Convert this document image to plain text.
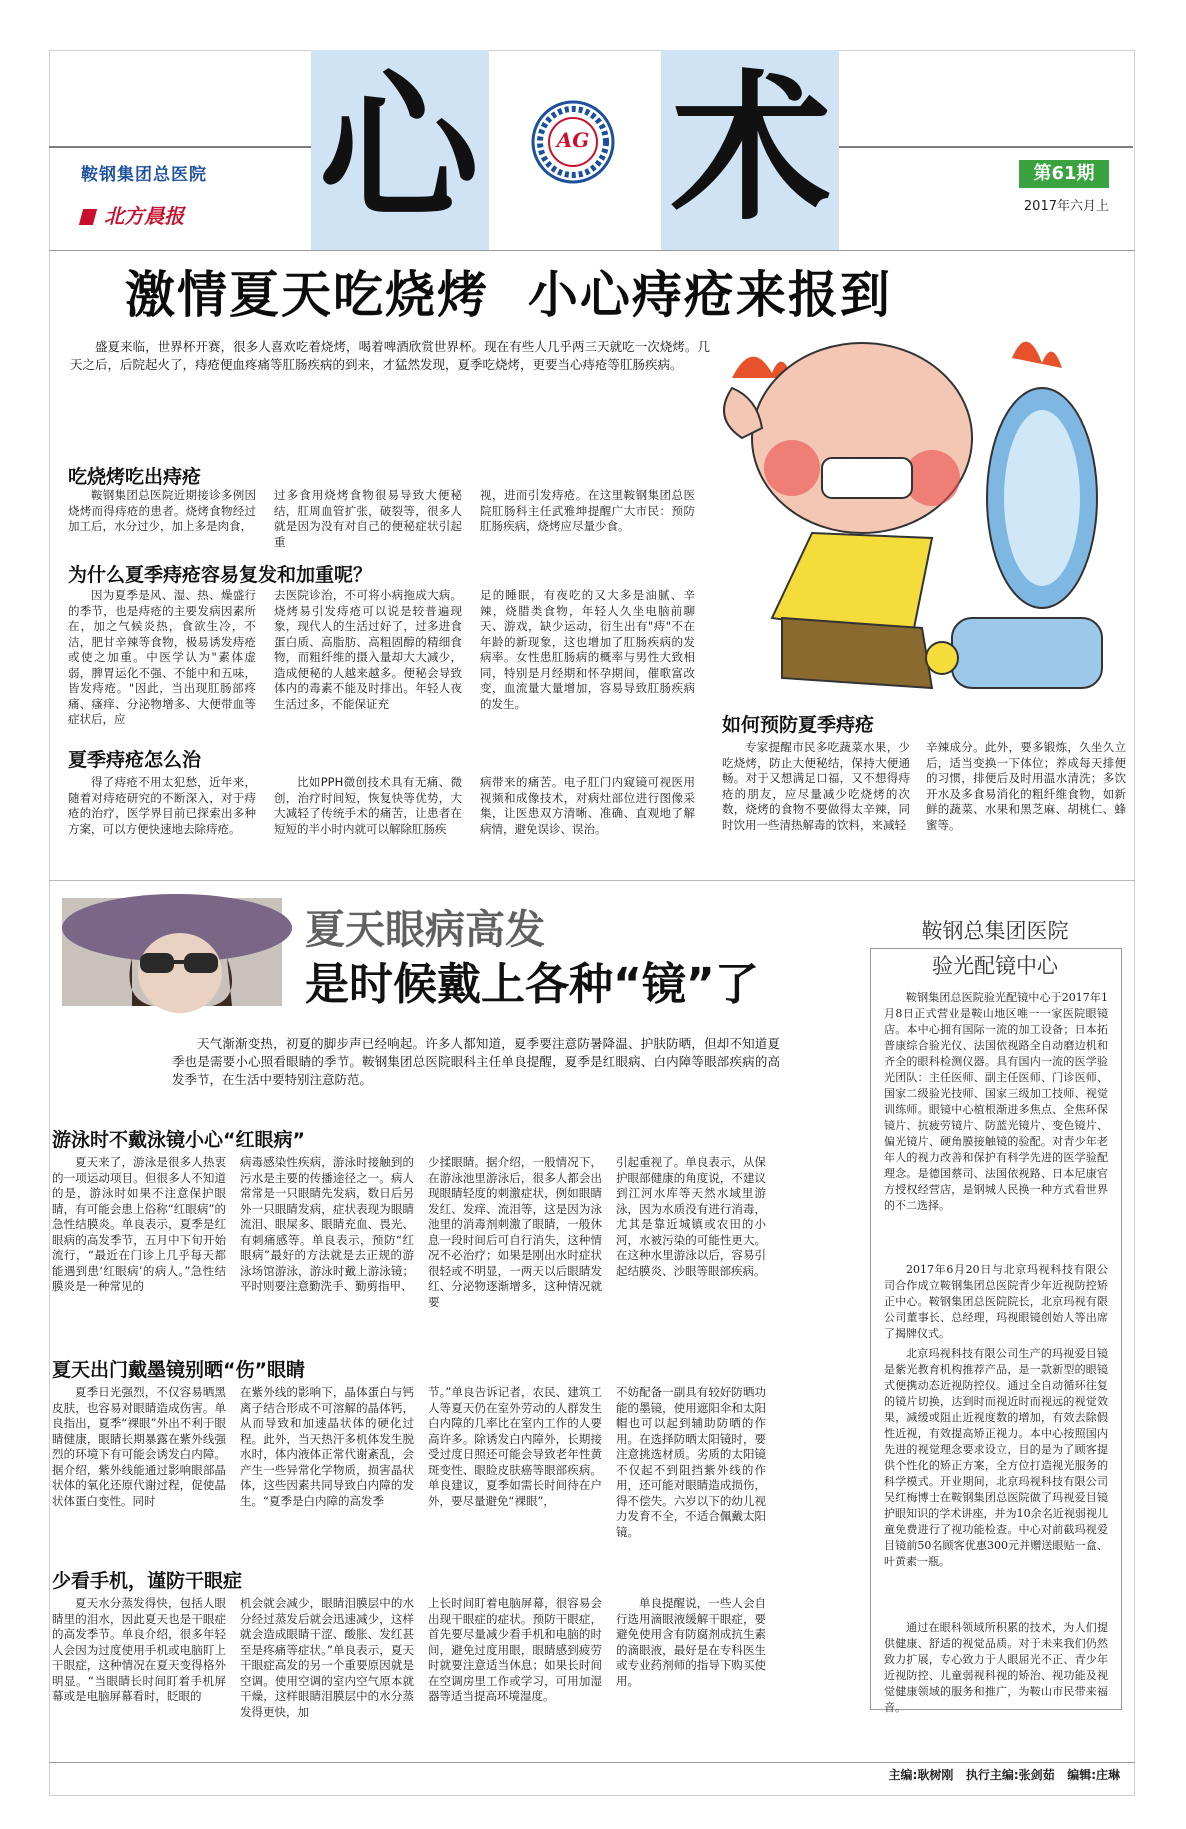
鞍钢集团总医院
北方晨报 心 术
AG
第61期
2017年六月上
激情夏天吃烧烤  小心痔疮来报到
盛夏来临，世界杯开赛，很多人喜欢吃着烧烤，喝着啤酒欣赏世界杯。现在有些人几乎两三天就吃一次烧烤。几天之后，后院起火了，痔疮便血疼痛等肛肠疾病的到来，才猛然发现，夏季吃烧烤，更要当心痔疮等肛肠疾病。
吃烧烤吃出痔疮
鞍钢集团总医院近期接诊多例因烧烤而得痔疮的患者。烧烤食物经过加工后，水分过少，加上多是肉食，
过多食用烧烤食物很易导致大便秘结，肛周血管扩张，破裂等，很多人就是因为没有对自己的便秘症状引起重
视，进而引发痔疮。在这里鞍钢集团总医院肛肠科主任武雅坤提醒广大市民：预防肛肠疾病，烧烤应尽量少食。
为什么夏季痔疮容易复发和加重呢？
因为夏季是风、湿、热、燥盛行的季节，也是痔疮的主要发病因素所在，加之气候炎热，食欲生冷，不洁，肥甘辛辣等食物，极易诱发痔疮或使之加重。中医学认为"素体虚弱，脾胃运化不强、不能中和五味，皆发痔疮。"因此，当出现肛肠部疼痛、瘙痒、分泌物增多、大便带血等症状后，应
去医院诊治，不可将小病拖成大病。烧烤易引发痔疮可以说是较普遍现象，现代人的生活过好了，过多进食蛋白质、高脂肪、高粗固醇的精细食物，而粗纤维的摄入量却大大减少，造成便秘的人越来越多。便秘会导致体内的毒素不能及时排出。年轻人夜生活过多，不能保证充
足的睡眠，有夜吃的又大多是油腻、辛辣，烧腊类食物，年轻人久坐电脑前聊天、游戏，缺少运动，衍生出有"痔"不在年龄的新现象，这也增加了肛肠疾病的发病率。女性患肛肠病的概率与男性大致相同，特别是月经期和怀孕期间，催歌富改变，血流量大量增加，容易导致肛肠疾病的发生。
如何预防夏季痔疮
专家提醒市民多吃蔬菜水果，少吃烧烤，防止大便秘结，保持大便通畅。对于又想满足口福，又不想得痔疮的朋友，应尽量减少吃烧烤的次数，烧烤的食物不要做得太辛辣，同时饮用一些清热解毒的饮料，来减轻
辛辣成分。此外，要多锻炼，久坐久立后，适当变换一下体位；养成每天排便的习惯，排便后及时用温水清洗；多饮开水及多食易消化的粗纤维食物，如新鲜的蔬菜、水果和黑芝麻、胡桃仁、蜂蜜等。
夏季痔疮怎么治
得了痔疮不用太犯愁，近年来，随着对痔疮研究的不断深入，对于痔疮的治疗，医学界目前已探索出多种方案，可以方便快速地去除痔疮。
比如PPH微创技术具有无痛、微创，治疗时间短，恢复快等优势，大大减轻了传统手术的痛苦，让患者在短短的半小时内就可以解除肛肠疾
病带来的痛苦。电子肛门内窥镜可视医用视频和成像技术，对病灶部位进行图像采集，让医患双方清晰、准确、直观地了解病情，避免误诊、误治。
夏天眼病高发
是时候戴上各种“镜”了
天气渐渐变热，初夏的脚步声已经响起。许多人都知道，夏季要注意防暑降温、护肤防晒，但却不知道夏季也是需要小心照看眼睛的季节。鞍钢集团总医院眼科主任单良提醒，夏季是红眼病、白内障等眼部疾病的高发季节，在生活中要特别注意防范。
游泳时不戴泳镜小心“红眼病”
夏天来了，游泳是很多人热衷的一项运动项目。但很多人不知道的是，游泳时如果不注意保护眼睛，有可能会患上俗称“红眼病”的急性结膜炎。单良表示，夏季是红眼病的高发季节，五月中下旬开始流行，“最近在门诊上几乎每天都能遇到患‘红眼病’的病人。”急性结膜炎是一种常见的
病毒感染性疾病，游泳时接触到的污水是主要的传播途径之一。病人常常是一只眼睛先发病，数日后另外一只眼睛发病，症状表现为眼睛流泪、眼屎多、眼睛充血、畏光、有刺痛感等。单良表示，预防“红眼病”最好的方法就是去正规的游泳场馆游泳，游泳时戴上游泳镜；平时则要注意勤洗手、勤剪指甲、
少揉眼睛。据介绍，一般情况下，在游泳池里游泳后，很多人都会出现眼睛轻度的刺激症状，例如眼睛发红、发痒、流泪等，这是因为泳池里的消毒剂刺激了眼睛，一般休息一段时间后可自行消失，这种情况不必治疗；如果是刚出水时症状很轻或不明显，一两天以后眼睛发红、分泌物逐渐增多，这种情况就要
引起重视了。单良表示，从保护眼部健康的角度说，不建议到江河水库等天然水域里游泳，因为水质没有进行消毒，尤其是靠近城镇或农田的小河，水被污染的可能性更大。在这种水里游泳以后，容易引起结膜炎、沙眼等眼部疾病。
夏天出门戴墨镜别晒“伤”眼睛
夏季日光强烈，不仅容易晒黑皮肤，也容易对眼睛造成伤害。单良指出，夏季“裸眼”外出不利于眼睛健康，眼睛长期暴露在紫外线强烈的环境下有可能会诱发白内障。据介绍，紫外线能通过影响眼部晶状体的氧化还原代谢过程，促使晶状体蛋白变性。同时
在紫外线的影响下，晶体蛋白与钙离子结合形成不可溶解的晶体钙，从而导致和加速晶状体的硬化过程。此外，当天热汗多机体发生脱水时，体内液体正常代谢紊乱，会产生一些异常化学物质，损害晶状体，这些因素共同导致白内障的发生。“夏季是白内障的高发季
节。”单良告诉记者，农民、建筑工人等夏天仍在室外劳动的人群发生白内障的几率比在室内工作的人要高许多。除诱发白内障外，长期接受过度日照还可能会导致老年性黄斑变性、眼睑皮肤癌等眼部疾病。单良建议，夏季如需长时间待在户外，要尽量避免“裸眼”，
不妨配备一副具有较好防晒功能的墨镜，使用遮阳伞和太阳帽也可以起到辅助防晒的作用。在选择防晒太阳镜时，要注意挑选材质。劣质的太阳镜不仅起不到阻挡紫外线的作用，还可能对眼睛造成损伤，得不偿失。六岁以下的幼儿视力发育不全，不适合佩戴太阳镜。
少看手机，谨防干眼症
夏天水分蒸发得快，包括人眼睛里的泪水，因此夏天也是干眼症的高发季节。单良介绍，很多年轻人会因为过度使用手机或电脑盯上干眼症，这种情况在夏天变得格外明显。“当眼睛长时间盯着手机屏幕或是电脑屏幕看时，眨眼的
机会就会减少，眼睛泪膜层中的水分经过蒸发后就会迅速减少，这样就会造成眼睛干涩、酸胀、发红甚至是疼痛等症状。”单良表示，夏天干眼症高发的另一个重要原因就是空调。使用空调的室内空气原本就干燥，这样眼睛泪膜层中的水分蒸发得更快，加
上长时间盯着电脑屏幕，很容易会出现干眼症的症状。预防干眼症，首先要尽量减少看手机和电脑的时间，避免过度用眼，眼睛感到疲劳时就要注意适当休息；如果长时间在空调房里工作或学习，可用加湿器等适当提高环境湿度。
单良提醒说，一些人会自行选用滴眼液缓解干眼症，要避免使用含有防腐剂成抗生素的滴眼液，最好是在专科医生或专业药剂师的指导下购买使用。
鞍钢总集团医院
验光配镜中心
鞍钢集团总医院验光配镜中心于2017年1月8日正式营业是鞍山地区唯一一家医院眼镜店。本中心拥有国际一流的加工设备；日本拓普康综合验光仪、法国依视路全自动磨边机和齐全的眼科检测仪器。具有国内一流的医学验光团队：主任医师、副主任医师、门诊医师、国家二级验光技师、国家三级加工技师、视觉训练师。眼镜中心植根渐进多焦点、全焦环保镜片、抗疲劳镜片、防蓝光镜片、变色镜片、偏光镜片、硬角膜接触镜的验配。对青少年老年人的视力改善和保护有科学先进的医学验配理念。是德国蔡司、法国依视路、日本尼康官方授权经营店，是钢城人民换一种方式看世界的不二选择。
2017年6月20日与北京玛视科技有限公司合作成立鞍钢集团总医院青少年近视防控矫正中心。鞍钢集团总医院院长，北京玛视有限公司董事长、总经理，玛视眼镜创始人等出席了揭牌仪式。
北京玛视科技有限公司生产的玛视爱目镜是紫光教育机构推荐产品，是一款新型的眼镜式便携动态近视防控仪。通过全自动循环往复的镜片切换，达到时而视近时而视远的视觉效果，减缓或阻止近视度数的增加，有效去除假性近视，有效提高矫正视力。本中心按照国内先进的视觉理念要求设立，目的是为了顾客提供个性化的矫正方案，全方位打造视光服务的科学模式。开业期间，北京玛视科技有限公司吴红梅博士在鞍钢集团总医院做了玛视爱目镜护眼知识的学术讲座，并为10余名近视弱视儿童免费进行了视功能检查。中心对前截玛视爱目镜前50名顾客优惠300元并赠送眼贴一盒、叶黄素一瓶。
通过在眼科领域所积累的技术，为人们提供健康、舒适的视觉品质。对于未来我们仍然致力扩展，专心致力于人眼屈光不正、青少年近视防控、儿童弱视科视的矫治、视功能及视觉健康领域的服务和推广，为鞍山市民带来福音。
主编:耿树刚   执行主编:张剑茹   编辑:庄琳
